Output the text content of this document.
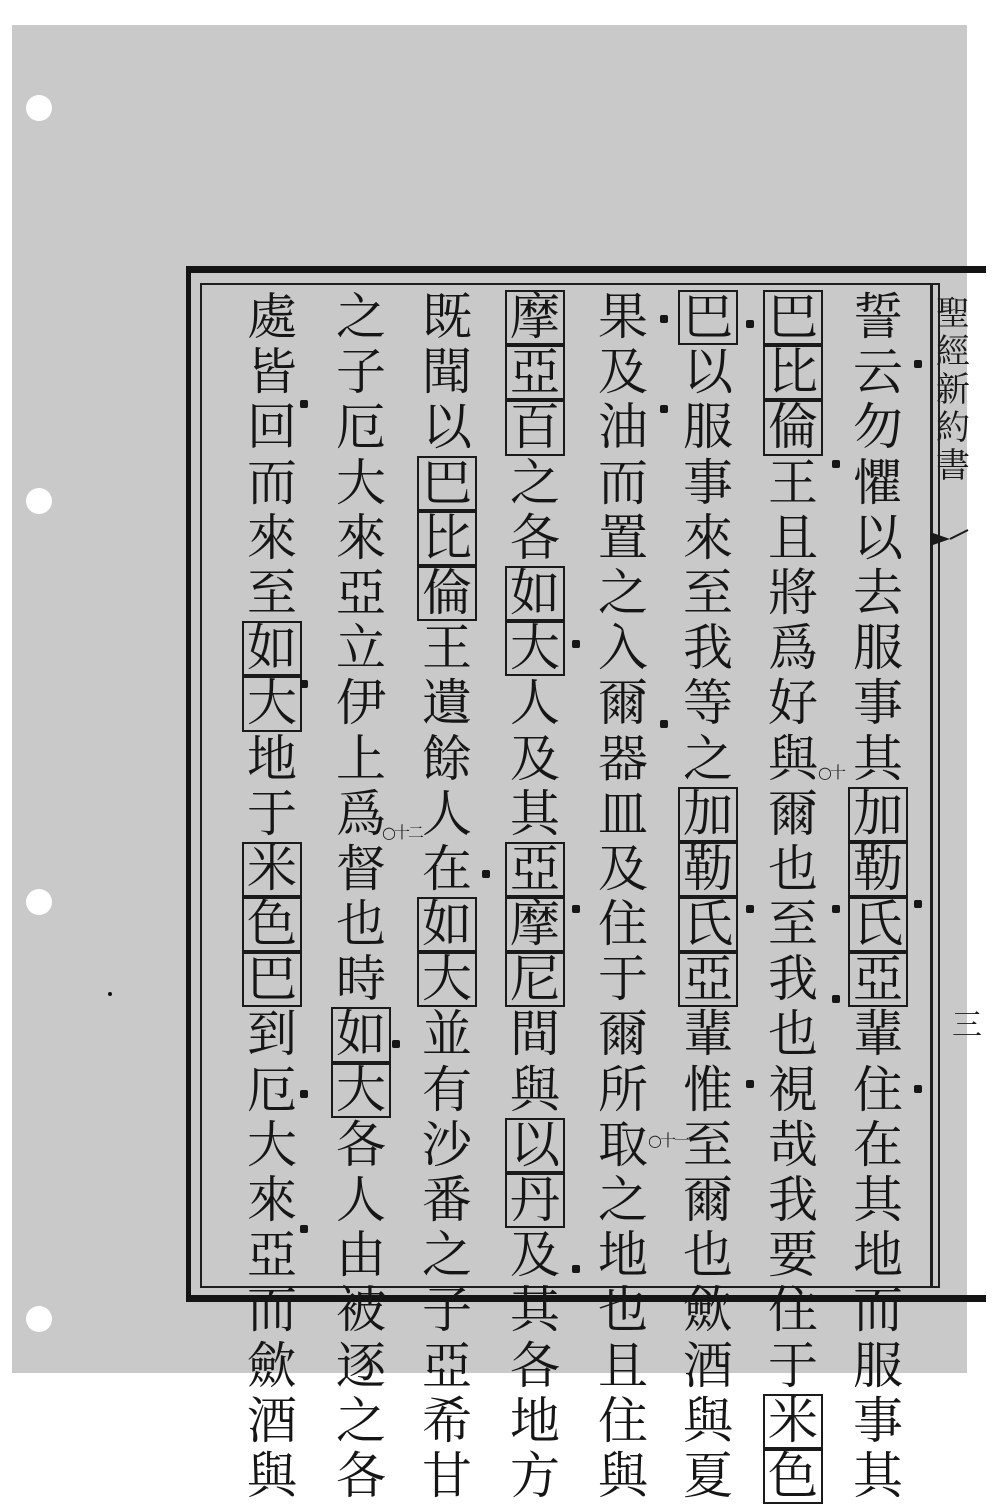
聖
經
新
約
書
三
誓
云
勿
懼
以
去
服
事
其
加
勒
氏
亞
輩
住
在
其
地
而
服
事
其
巴
比
倫
王
且
將
爲
好
與
爾
也
至
我
也
視
哉
我
要
住
于
米
色
巴
以
服
事
來
至
我
等
之
加
勒
氏
亞
輩
惟
至
爾
也
歛
酒
與
夏
果
及
油
而
置
之
入
爾
器
皿
及
住
于
爾
所
取
之
地
也
且
住
與
摩
亞
百
之
各
如
大
人
及
其
亞
摩
尼
間
與
以
丹
及
其
各
地
方
既
聞
以
巴
比
倫
王
遺
餘
人
在
如
大
並
有
沙
番
之
子
亞
希
甘
之
子
厄
大
來
亞
立
伊
上
爲
督
也
時
如
大
各
人
由
被
逐
之
各
處
皆
回
而
來
至
如
大
地
于
米
色
巴
到
厄
大
來
亞
而
歛
酒
與
○十
○十一
○十二
